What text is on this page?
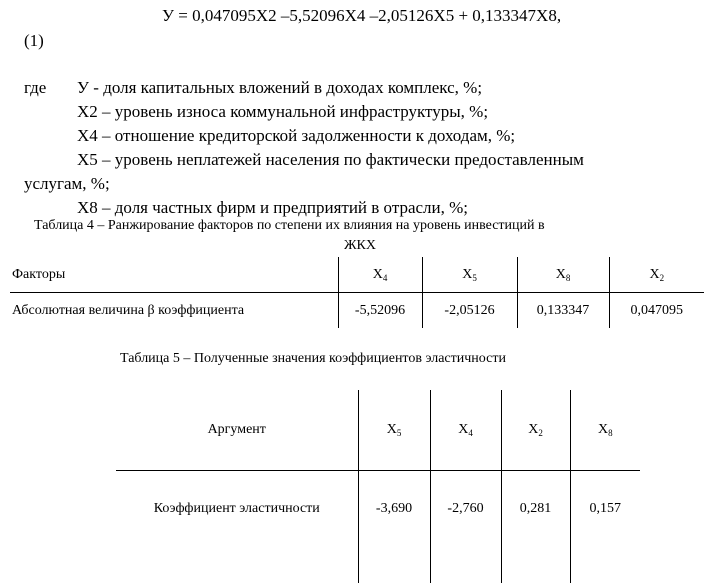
У = 0,047095Х2 –5,52096Х4 –2,05126Х5 + 0,133347Х8,
(1)
где У - доля капитальных вложений в доходах комплекс, %;
Х2 – уровень износа коммунальной инфраструктуры, %;
Х4 – отношение кредиторской задолженности к доходам, %;
Х5 – уровень неплатежей населения по фактически предоставленным
услугам, %;
Х8 – доля частных фирм и предприятий в отрасли, %;
Таблица 4 – Ранжирование факторов по степени их влияния на уровень инвестиций в
ЖКХ
Факторы	$Х_4$	$Х_5$	$Х_8$	$Х_2$
Абсолютная величина β коэффициента	-5,52096	-2,05126	0,133347	0,047095
Таблица 5 – Полученные значения коэффициентов эластичности
Аргумент	$Х_5$	$Х_4$	$Х_2$	$Х_8$
Коэффициент эластичности	-3,690	-2,760	0,281	0,157
